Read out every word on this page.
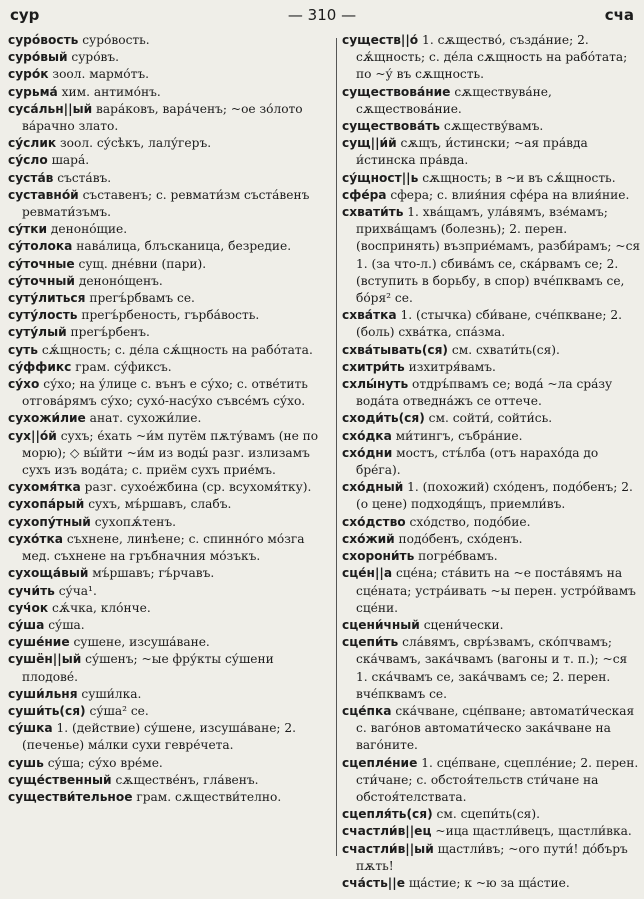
сур	— 310 —	сча

сурóвость суро́вость.

суро́вый суро́въ.

суро́к зоол. мармо́тъ.

сурьма́ хим. антимо́нъ.

суса́льн||ый вара́ковъ, варáченъ; ~ое зо́лото ва́рачно злато.

су́слик зоол. су́сѣкъ, лалу́геръ.

су́сло шарá.

суста́в съста́въ.

суставно́й съставенъ; с. ревмати́зм съста́венъ ревмати́зъмъ.

су́тки денонóщие.

су́толока навáлица, блъсканица, безредие.

су́точные сущ. дне́вни (пари).

су́точный денонóщенъ.

суту́литься прегъ́рбвамъ се.

суту́лость прегъ́рбеность, гърба́вость.

суту́лый прегъ́рбенъ.

суть сѫ́щность; с. де́ла сѫ́щность на рабóтата.

су́ффикс грам. су́фиксъ.

су́хо су́хо; на у́лице с. вънъ е су́хо; с. отве́тить отговáрямъ су́хо; сухо́-насу́хо съвсéмъ су́хо.

сухожи́лие анат. сухожи́лие.

сух||о́й сухъ; е́хать ~и́м путём пѫту́вамъ (не по морю); ◇ вы́йти ~и́м из воды́ разг. излизамъ сухъ изъ водáта; с. приём сухъ прие́мъ.

сухомя́тка разг. сухоéжбина (ср. всухомя́тку).

сухопа́рый сухъ, мъ́ршавъ, слабъ.

сухопу́тный сухопѫ́тенъ.

сухо́тка съхнене, линѣене; с. спинно́го мо́зга мед. съхнене на гръбначния мо́зъкъ.

сухоща́вый мъ́ршавъ; гъ́рчавъ.

сучи́ть су́ча¹.

суч́ок сѫ́чка, клóнче.

су́ша су́ша.

суше́ние сушене, изсуша́ване.

сушён||ый су́шенъ; ~ые фру́кты су́шени плодове́.

суши́льня суши́лка.

суши́ть(ся) су́ша² се.

су́шка 1. (действие) су́шене, изсуша́ване; 2. (печенье) ма́лки сухи гевре́чета.

сушь су́ша; су́хо вре́ме.

суще́ственный сѫществе́нъ, гла́венъ.

существи́тельное грам. сѫществи́телно.

существ||о́ 1. сѫщество́, създа́ние; 2. сѫ́щность; с. де́ла сѫщность на рабóтата; по ~у́ въ сѫщность.

существова́ние сѫществува́не, сѫществова́ние.

существова́ть сѫществу́вамъ.

сущ||и́й сѫщъ, и́стински; ~ая пра́вда и́стинска пра́вда.

су́щност||ь сѫщность; в ~и въ сѫ́щность.

сфе́ра сфера; с. влия́ния сфе́ра на влия́ние.

схвати́ть 1. хва́щамъ, ула́вямъ, взе́мамъ; прихва́щамъ (болезнь); 2. перен. (воспринять) възприе́мамъ, разби́рамъ; ~ся 1. (за что-л.) сбива́мъ се, ска́рвамъ се; 2. (вступить в борьбу, в спор) вче́пквамъ се, бо́ря² се.

схва́тка 1. (стычка) сби́ване, сче́пкване; 2. (боль) схва́тка, спа́зма.

схва́тывать(ся) см. схвати́ть(ся).

схитри́ть изхитря́вамъ.

схлы́нуть отдръ́пвамъ се; вода́ ~ла сра́зу вода́та отведна́жъ се оттече.

сходи́ть(ся) см. сойти́, сойти́сь.

схо́дка ми́тингъ, събра́ние.

схо́дни мостъ, стъ́лба (отъ нарахо́да до бре́га).

схо́дный 1. (похожий) схо́денъ, подо́бенъ; 2. (о цене) подходя́щъ, приемли́въ.

схо́дство схо́дство, подо́бие.

схо́жий подо́бенъ, схо́денъ.

схорони́ть погре́бвамъ.

сце́н||а сце́на; ста́вить на ~е поста́вямъ на сце́ната; устра́ивать ~ы перен. устро́йвамъ сце́ни.

сцени́чный сцени́чески.

сцепи́ть сла́вямъ, свръ́звамъ, ско́пчвамъ; ска́чвамъ, зака́чвамъ (вагоны и т. п.); ~ся 1. ска́чвамъ се, зака́чвамъ се; 2. перен. вче́пквамъ се.

сце́пка ска́чване, сце́пване; автомати́ческая с. ваго́нов автомати́ческо зака́чване на ваго́ните.

сцепле́ние 1. сце́пване, сцепле́ние; 2. перен. сти́чане; с. обстоя́тельств сти́чане на обстоя́телствата.

сцепля́ть(ся) см. сцепи́ть(ся).

счастли́в||ец ~ица щастли́вецъ, щастли́вка.

счастли́в||ый щастли́въ; ~ого пути́! до́бъръ пѫть!

сча́сть||е ща́стие; к ~ю за ща́стие.
